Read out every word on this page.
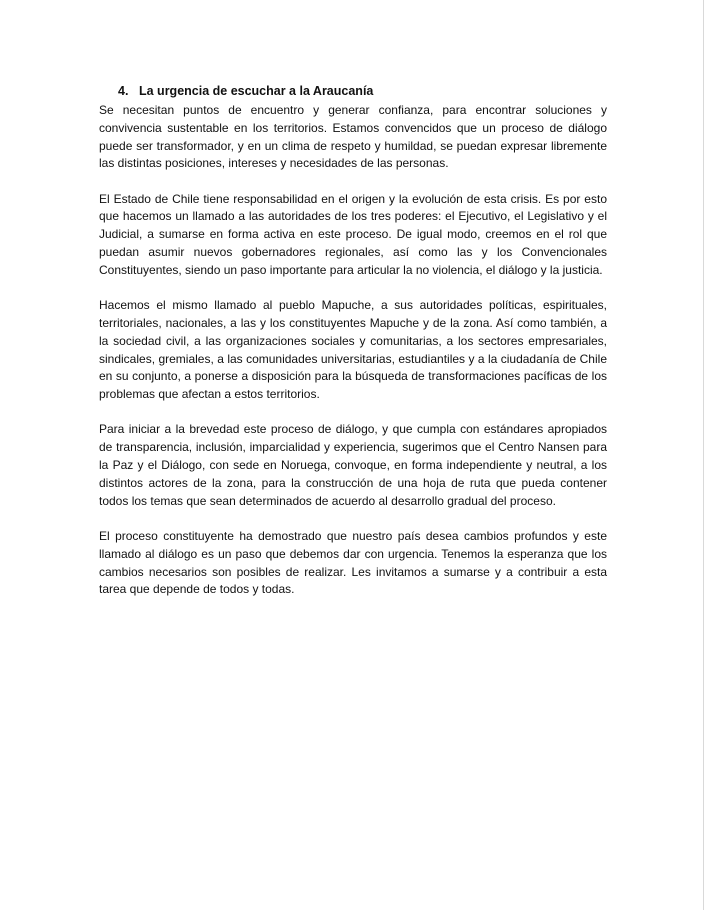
4. La urgencia de escuchar a la Araucanía

Se necesitan puntos de encuentro y generar confianza, para encontrar soluciones y convivencia sustentable en los territorios. Estamos convencidos que un proceso de diálogo puede ser transformador, y en un clima de respeto y humildad, se puedan expresar libremente las distintas posiciones, intereses y necesidades de las personas.

El Estado de Chile tiene responsabilidad en el origen y la evolución de esta crisis. Es por esto que hacemos un llamado a las autoridades de los tres poderes: el Ejecutivo, el Legislativo y el Judicial, a sumarse en forma activa en este proceso. De igual modo, creemos en el rol que puedan asumir nuevos gobernadores regionales, así como las y los Convencionales Constituyentes, siendo un paso importante para articular la no violencia, el diálogo y la justicia.

Hacemos el mismo llamado al pueblo Mapuche, a sus autoridades políticas, espirituales, territoriales, nacionales, a las y los constituyentes Mapuche y de la zona. Así como también, a la sociedad civil, a las organizaciones sociales y comunitarias, a los sectores empresariales, sindicales, gremiales, a las comunidades universitarias, estudiantiles y a la ciudadanía de Chile en su conjunto, a ponerse a disposición para la búsqueda de transformaciones pacíficas de los problemas que afectan a estos territorios.

Para iniciar a la brevedad este proceso de diálogo, y que cumpla con estándares apropiados de transparencia, inclusión, imparcialidad y experiencia, sugerimos que el Centro Nansen para la Paz y el Diálogo, con sede en Noruega, convoque, en forma independiente y neutral, a los distintos actores de la zona, para la construcción de una hoja de ruta que pueda contener todos los temas que sean determinados de acuerdo al desarrollo gradual del proceso.

El proceso constituyente ha demostrado que nuestro país desea cambios profundos y este llamado al diálogo es un paso que debemos dar con urgencia. Tenemos la esperanza que los cambios necesarios son posibles de realizar. Les invitamos a sumarse y a contribuir a esta tarea que depende de todos y todas.
